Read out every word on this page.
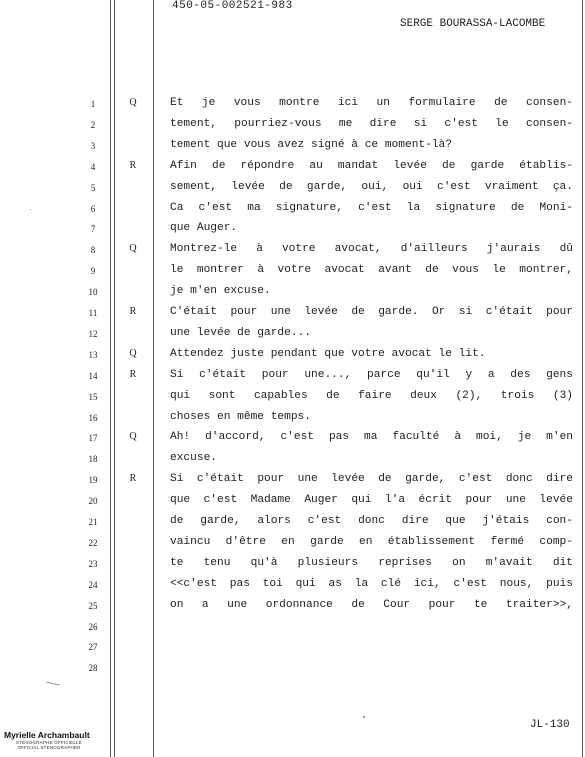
450-05-002521-983
SERGE BOURASSA-LACOMBE
1	Q	Et je vous montre ici un formulaire de consen-
2	tement, pourriez-vous me dire si c'est le consen-
3	tement que vous avez signé à ce moment-là?
4	R	Afin de répondre au mandat levée de garde établis-
5	sement, levée de garde, oui, oui c'est vraiment ça.
6	Ca c'est ma signature, c'est la signature de Moni-
7	que Auger.
8	Q	Montrez-le à votre avocat, d'ailleurs j'aurais dû
9	le montrer à votre avocat avant de vous le montrer,
10	je m'en excuse.
11	R	C'était pour une levée de garde. Or si c'était pour
12	une levée de garde...
13	Q	Attendez juste pendant que votre avocat le lit.
14	R	Si c'était pour une..., parce qu'il y a des gens
15	qui sont capables de faire deux (2), trois (3)
16	choses en même temps.
17	Q	Ah! d'accord, c'est pas ma faculté à moi, je m'en
18	excuse.
19	R	Si c'était pour une levée de garde, c'est donc dire
20	que c'est Madame Auger qui l'a écrit pour une levée
21	de garde, alors c'est donc dire que j'étais con-
22	vaincu d'être en garde en établissement fermé comp-
23	te tenu qu'à plusieurs reprises on m'avait dit
24	<<c'est pas toi qui as la clé ici, c'est nous, puis
25	on a une ordonnance de Cour pour te traiter>>,
26
27
28
JL-130
Myrielle Archambault
STÉNOGRAPHE OFFICIELLE
OFFICIAL STENOGRAPHER
